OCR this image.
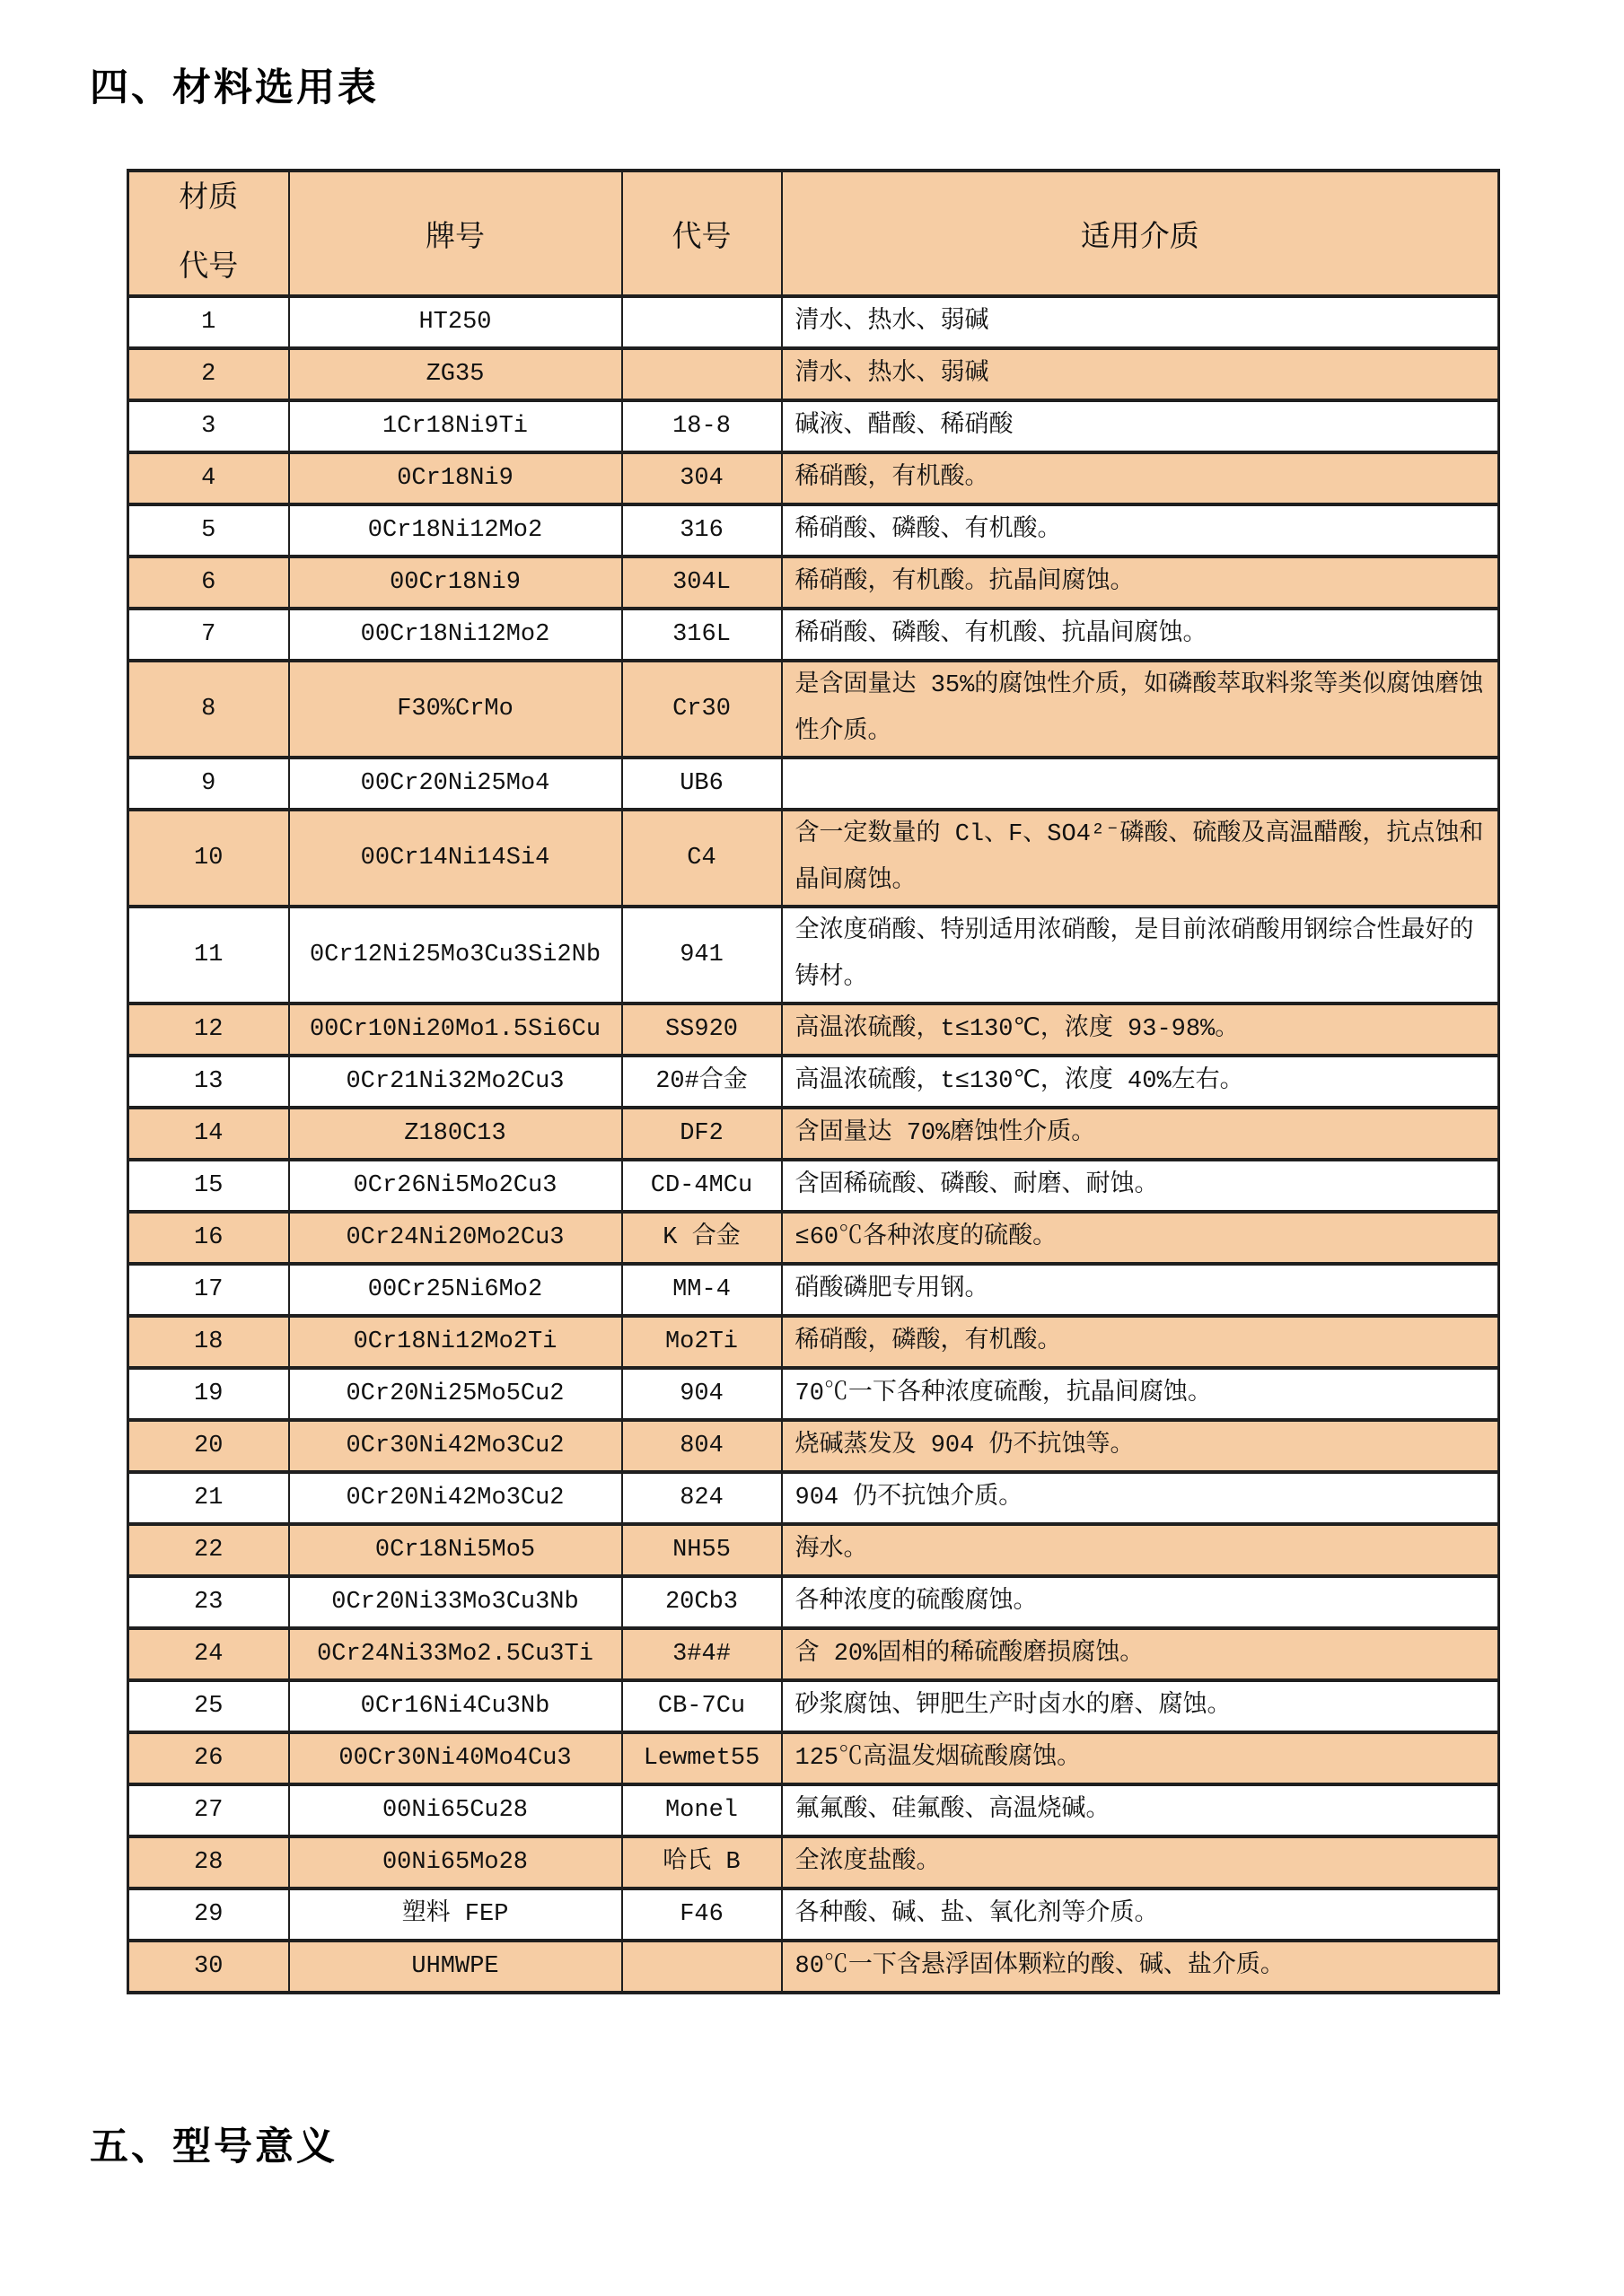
四、材料选用表
材质
代号	牌号	代号	适用介质
1	HT250		清水、热水、弱碱
2	ZG35		清水、热水、弱碱
3	1Cr18Ni9Ti	18-8	碱液、醋酸、稀硝酸
4	0Cr18Ni9	304	稀硝酸，有机酸。
5	0Cr18Ni12Mo2	316	稀硝酸、磷酸、有机酸。
6	00Cr18Ni9	304L	稀硝酸，有机酸。抗晶间腐蚀。
7	00Cr18Ni12Mo2	316L	稀硝酸、磷酸、有机酸、抗晶间腐蚀。
8	F30%CrMo	Cr30	是含固量达 35%的腐蚀性介质，如磷酸萃取料浆等类似腐蚀磨蚀性介质。
9	00Cr20Ni25Mo4	UB6	
10	00Cr14Ni14Si4	C4	含一定数量的 Cl、F、SO4²⁻磷酸、硫酸及高温醋酸，抗点蚀和晶间腐蚀。
11	0Cr12Ni25Mo3Cu3Si2Nb	941	全浓度硝酸、特别适用浓硝酸，是目前浓硝酸用钢综合性最好的铸材。
12	00Cr10Ni20Mo1.5Si6Cu	SS920	高温浓硫酸，t≤130℃，浓度 93-98%。
13	0Cr21Ni32Mo2Cu3	20#合金	高温浓硫酸，t≤130℃，浓度 40%左右。
14	Z180C13	DF2	含固量达 70%磨蚀性介质。
15	0Cr26Ni5Mo2Cu3	CD-4MCu	含固稀硫酸、磷酸、耐磨、耐蚀。
16	0Cr24Ni20Mo2Cu3	K 合金	≤60℃各种浓度的硫酸。
17	00Cr25Ni6Mo2	MM-4	硝酸磷肥专用钢。
18	0Cr18Ni12Mo2Ti	Mo2Ti	稀硝酸，磷酸，有机酸。
19	0Cr20Ni25Mo5Cu2	904	70℃一下各种浓度硫酸，抗晶间腐蚀。
20	0Cr30Ni42Mo3Cu2	804	烧碱蒸发及 904 仍不抗蚀等。
21	0Cr20Ni42Mo3Cu2	824	904 仍不抗蚀介质。
22	0Cr18Ni5Mo5	NH55	海水。
23	0Cr20Ni33Mo3Cu3Nb	20Cb3	各种浓度的硫酸腐蚀。
24	0Cr24Ni33Mo2.5Cu3Ti	3#4#	含 20%固相的稀硫酸磨损腐蚀。
25	0Cr16Ni4Cu3Nb	CB-7Cu	砂浆腐蚀、钾肥生产时卤水的磨、腐蚀。
26	00Cr30Ni40Mo4Cu3	Lewmet55	125℃高温发烟硫酸腐蚀。
27	00Ni65Cu28	Monel	氟氟酸、硅氟酸、高温烧碱。
28	00Ni65Mo28	哈氏 B	全浓度盐酸。
29	塑料 FEP	F46	各种酸、碱、盐、氧化剂等介质。
30	UHMWPE		80℃一下含悬浮固体颗粒的酸、碱、盐介质。
五、型号意义
